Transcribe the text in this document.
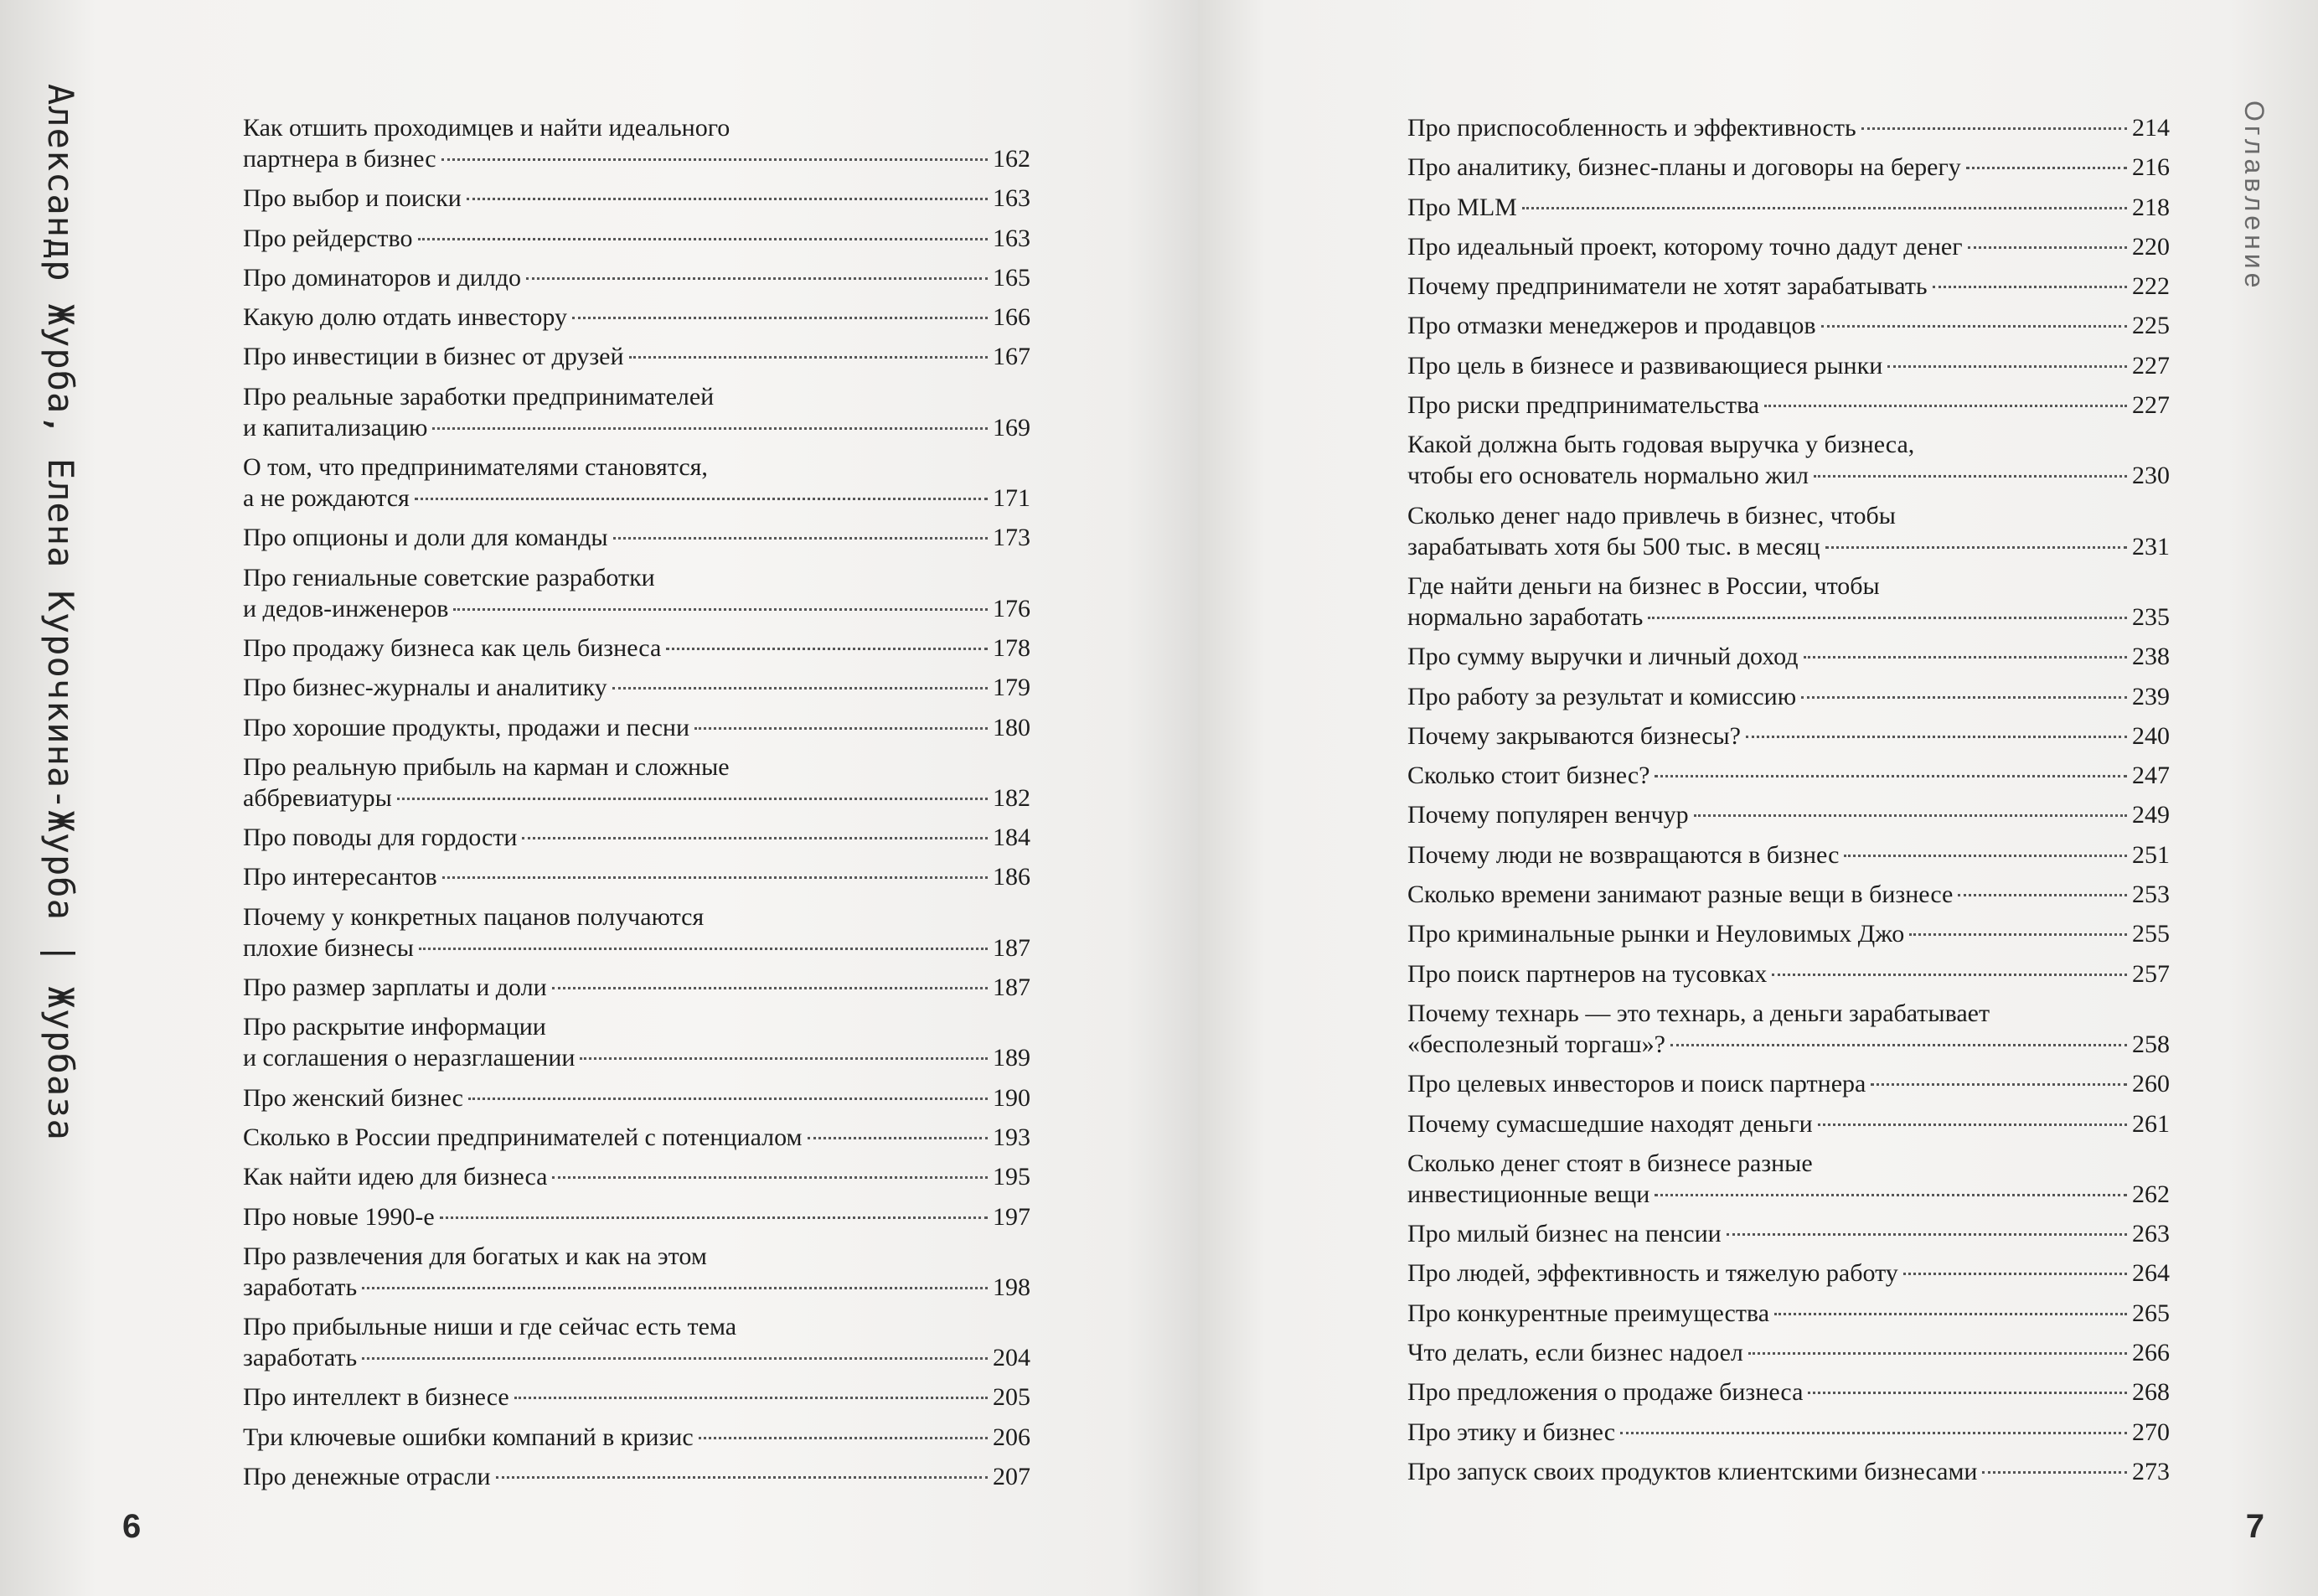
Александр Журба, Елена Курочкина-Журба | Журбаза	Как отшить проходимцев и найти идеального
партнера в бизнес	162
Про выбор и поиски	163
Про рейдерство	163
Про доминаторов и дилдо	165
Какую долю отдать инвестору	166
Про инвестиции в бизнес от друзей	167
Про реальные заработки предпринимателей
и капитализацию	169
О том, что предпринимателями становятся,
а не рождаются	171
Про опционы и доли для команды	173
Про гениальные советские разработки
и дедов-инженеров	176
Про продажу бизнеса как цель бизнеса	178
Про бизнес-журналы и аналитику	179
Про хорошие продукты, продажи и песни	180
Про реальную прибыль на карман и сложные
аббревиатуры	182
Про поводы для гордости	184
Про интересантов	186
Почему у конкретных пацанов получаются
плохие бизнесы	187
Про размер зарплаты и доли	187
Про раскрытие информации
и соглашения о неразглашении	189
Про женский бизнес	190
Сколько в России предпринимателей с потенциалом	193
Как найти идею для бизнеса	195
Про новые 1990-е	197
Про развлечения для богатых и как на этом
заработать	198
Про прибыльные ниши и где сейчас есть тема
заработать	204
Про интеллект в бизнесе	205
Три ключевые ошибки компаний в кризис	206
Про денежные отрасли	207
6
Оглавление
Про приспособленность и эффективность	214
Про аналитику, бизнес-планы и договоры на берегу	216
Про MLM	218
Про идеальный проект, которому точно дадут денег	220
Почему предприниматели не хотят зарабатывать	222
Про отмазки менеджеров и продавцов	225
Про цель в бизнесе и развивающиеся рынки	227
Про риски предпринимательства	227
Какой должна быть годовая выручка у бизнеса,
чтобы его основатель нормально жил	230
Сколько денег надо привлечь в бизнес, чтобы
зарабатывать хотя бы 500 тыс. в месяц	231
Где найти деньги на бизнес в России, чтобы
нормально заработать	235
Про сумму выручки и личный доход	238
Про работу за результат и комиссию	239
Почему закрываются бизнесы?	240
Сколько стоит бизнес?	247
Почему популярен венчур	249
Почему люди не возвращаются в бизнес	251
Сколько времени занимают разные вещи в бизнесе	253
Про криминальные рынки и Неуловимых Джо	255
Про поиск партнеров на тусовках	257
Почему технарь — это технарь, а деньги зарабатывает
«бесполезный торгаш»?	258
Про целевых инвесторов и поиск партнера	260
Почему сумасшедшие находят деньги	261
Сколько денег стоят в бизнесе разные
инвестиционные вещи	262
Про милый бизнес на пенсии	263
Про людей, эффективность и тяжелую работу	264
Про конкурентные преимущества	265
Что делать, если бизнес надоел	266
Про предложения о продаже бизнеса	268
Про этику и бизнес	270
Про запуск своих продуктов клиентскими бизнесами	273
7
